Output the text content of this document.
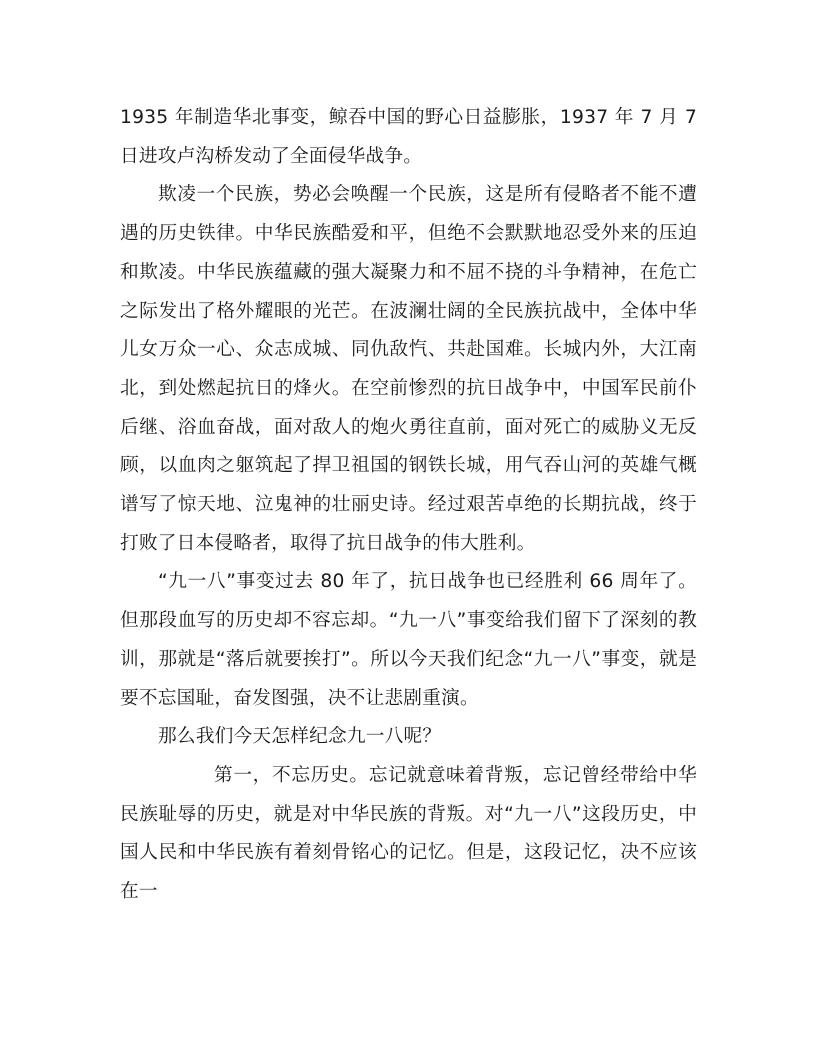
1935 年制造华北事变，鲸吞中国的野心日益膨胀，1937 年 7 月 7 日进攻卢沟桥发动了全面侵华战争。

欺凌一个民族，势必会唤醒一个民族，这是所有侵略者不能不遭遇的历史铁律。中华民族酷爱和平，但绝不会默默地忍受外来的压迫和欺凌。中华民族蕴藏的强大凝聚力和不屈不挠的斗争精神，在危亡之际发出了格外耀眼的光芒。在波澜壮阔的全民族抗战中，全体中华儿女万众一心、众志成城、同仇敌忾、共赴国难。长城内外，大江南北，到处燃起抗日的烽火。在空前惨烈的抗日战争中，中国军民前仆后继、浴血奋战，面对敌人的炮火勇往直前，面对死亡的威胁义无反顾，以血肉之躯筑起了捍卫祖国的钢铁长城，用气吞山河的英雄气概谱写了惊天地、泣鬼神的壮丽史诗。经过艰苦卓绝的长期抗战，终于打败了日本侵略者，取得了抗日战争的伟大胜利。

“九一八”事变过去 80 年了，抗日战争也已经胜利 66 周年了。但那段血写的历史却不容忘却。“九一八”事变给我们留下了深刻的教训，那就是“落后就要挨打”。所以今天我们纪念“九一八”事变，就是要不忘国耻，奋发图强，决不让悲剧重演。

那么我们今天怎样纪念九一八呢？

第一，不忘历史。忘记就意味着背叛，忘记曾经带给中华民族耻辱的历史，就是对中华民族的背叛。对“九一八”这段历史，中国人民和中华民族有着刻骨铭心的记忆。但是，这段记忆，决不应该在一
